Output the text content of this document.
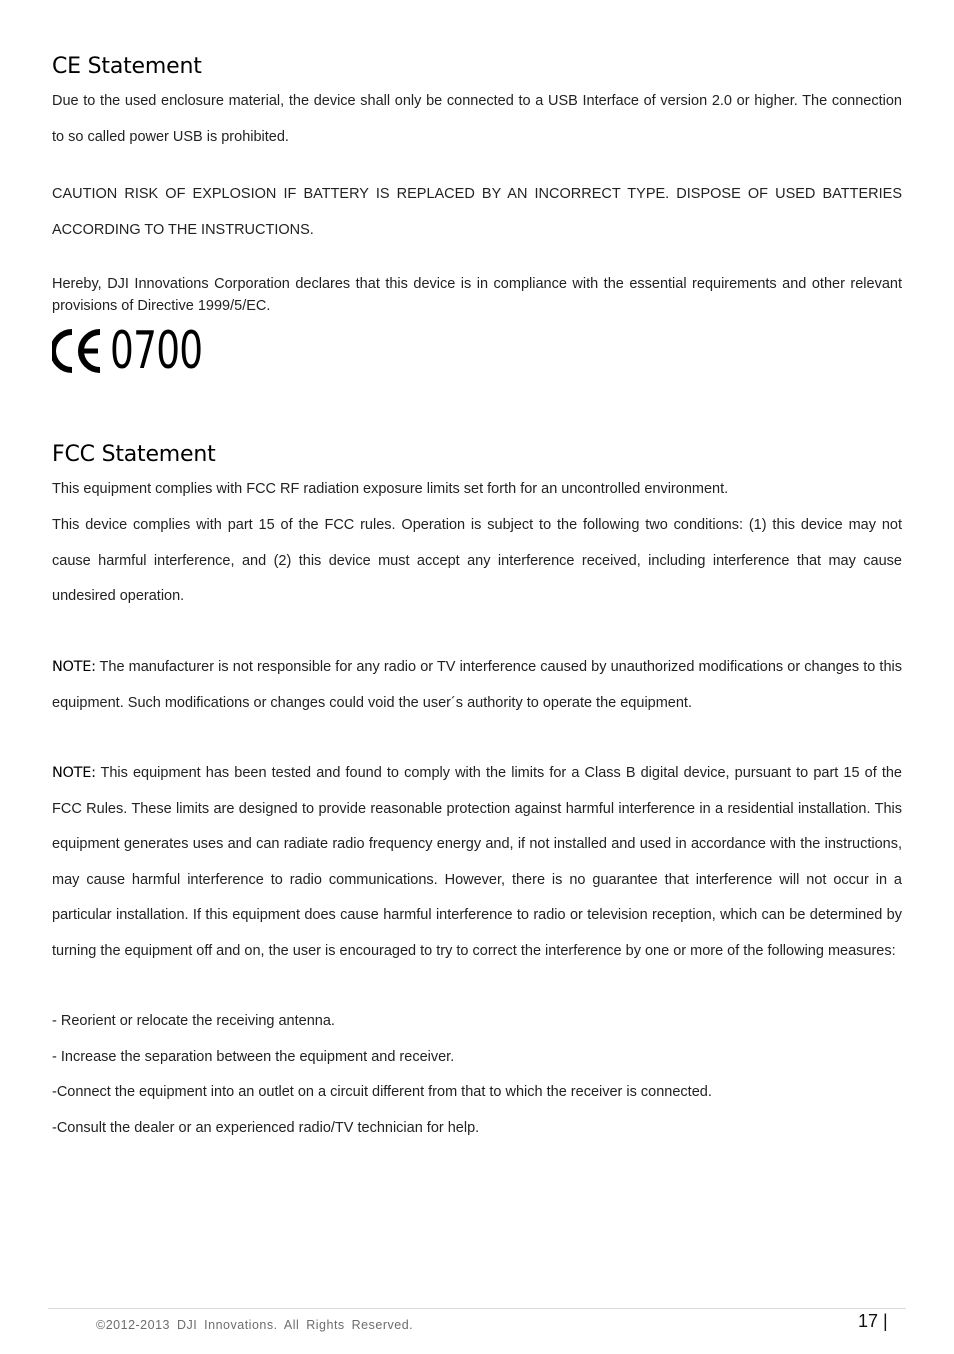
CE Statement

Due to the used enclosure material, the device shall only be connected to a USB Interface of version 2.0 or higher. The connection to so called power USB is prohibited.

CAUTION RISK OF EXPLOSION IF BATTERY IS REPLACED BY AN INCORRECT TYPE. DISPOSE OF USED BATTERIES ACCORDING TO THE INSTRUCTIONS.

Hereby, DJI Innovations Corporation declares that this device is in compliance with the essential requirements and other relevant provisions of Directive 1999/5/EC.

0700
FCC Statement

This equipment complies with FCC RF radiation exposure limits set forth for an uncontrolled environment.

This device complies with part 15 of the FCC rules. Operation is subject to the following two conditions: (1) this device may not cause harmful interference, and (2) this device must accept any interference received, including interference that may cause undesired operation.

NOTE: The manufacturer is not responsible for any radio or TV interference caused by unauthorized modifications or changes to this equipment. Such modifications or changes could void the user´s authority to operate the equipment.

NOTE: This equipment has been tested and found to comply with the limits for a Class B digital device, pursuant to part 15 of the FCC Rules. These limits are designed to provide reasonable protection against harmful interference in a residential installation. This equipment generates uses and can radiate radio frequency energy and, if not installed and used in accordance with the instructions, may cause harmful interference to radio communications. However, there is no guarantee that interference will not occur in a particular installation. If this equipment does cause harmful interference to radio or television reception, which can be determined by turning the equipment off and on, the user is encouraged to try to correct the interference by one or more of the following measures:

- Reorient or relocate the receiving antenna.

- Increase the separation between the equipment and receiver.

-Connect the equipment into an outlet on a circuit different from that to which the receiver is connected.

-Consult the dealer or an experienced radio/TV technician for help.

©2012-2013 DJI Innovations. All Rights Reserved.	17 |
